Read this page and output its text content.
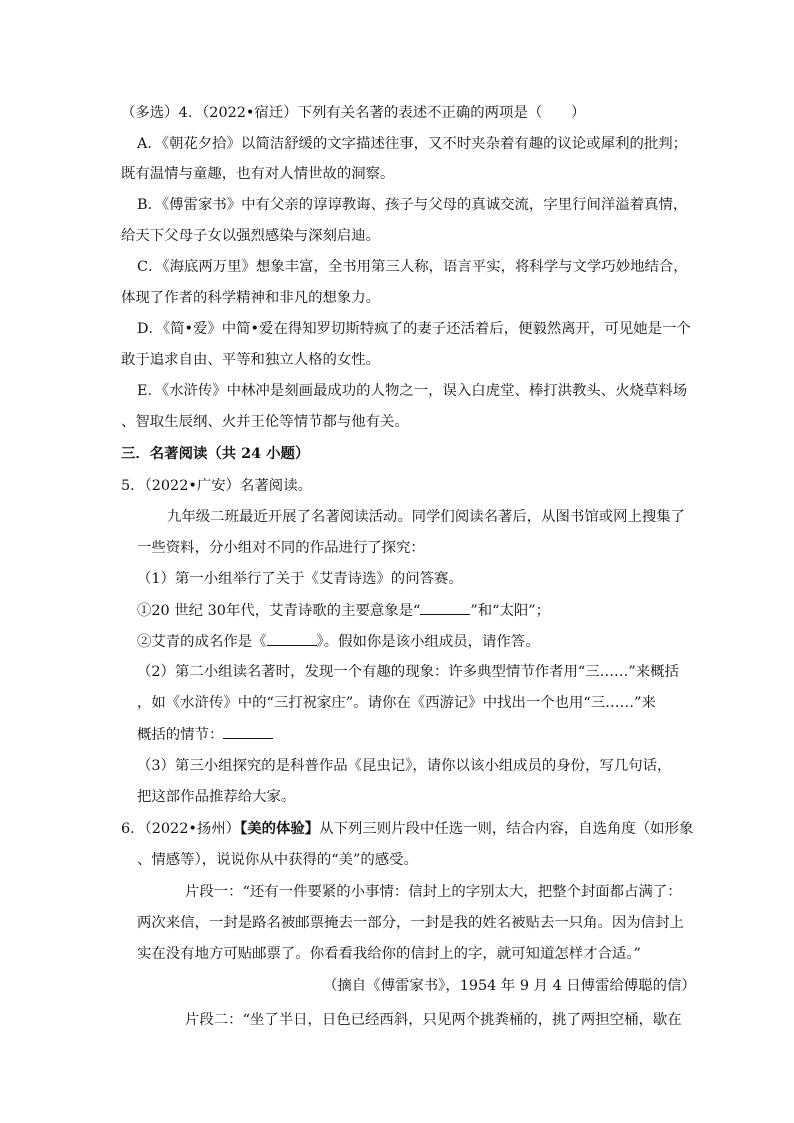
（多选）4．（2022•宿迁）下列有关名著的表述不正确的两项是（　　）
A．《朝花夕拾》以简洁舒缓的文字描述往事，又不时夹杂着有趣的议论或犀利的批判；
既有温情与童趣，也有对人情世故的洞察。
B．《傅雷家书》中有父亲的谆谆教诲、孩子与父母的真诚交流，字里行间洋溢着真情，
给天下父母子女以强烈感染与深刻启迪。
C．《海底两万里》想象丰富，全书用第三人称，语言平实，将科学与文学巧妙地结合，
体现了作者的科学精神和非凡的想象力。
D．《简•爱》中简•爱在得知罗切斯特疯了的妻子还活着后，便毅然离开，可见她是一个
敢于追求自由、平等和独立人格的女性。
E．《水浒传》中林冲是刻画最成功的人物之一，误入白虎堂、棒打洪教头、火烧草料场
、智取生辰纲、火并王伦等情节都与他有关。
三．名著阅读（共 24 小题）
5．（2022•广安）名著阅读。
九年级二班最近开展了名著阅读活动。同学们阅读名著后，从图书馆或网上搜集了
一些资料，分小组对不同的作品进行了探究：
（1）第一小组举行了关于《艾青诗选》的问答赛。
①20 世纪 30年代，艾青诗歌的主要意象是“	”和“太阳”；
②艾青的成名作是《	》。假如你是该小组成员，请作答。
（2）第二小组读名著时，发现一个有趣的现象：许多典型情节作者用“三……”来概括
，如《水浒传》中的“三打祝家庄”。请你在《西游记》中找出一个也用“三……”来
概括的情节：
（3）第三小组探究的是科普作品《昆虫记》，请你以该小组成员的身份，写几句话，
把这部作品推荐给大家。
6．（2022•扬州）【美的体验】从下列三则片段中任选一则，结合内容，自选角度（如形象
、情感等），说说你从中获得的“美”的感受。
片段一：“还有一件要紧的小事情：信封上的字别太大，把整个封面都占满了：
两次来信，一封是路名被邮票掩去一部分，一封是我的姓名被贴去一只角。因为信封上
实在没有地方可贴邮票了。你看看我给你的信封上的字，就可知道怎样才合适。”
（摘自《傅雷家书》，1954 年 9 月 4 日傅雷给傅聪的信）
片段二：“坐了半日，日色已经西斜，只见两个挑粪桶的，挑了两担空桶，歇在
